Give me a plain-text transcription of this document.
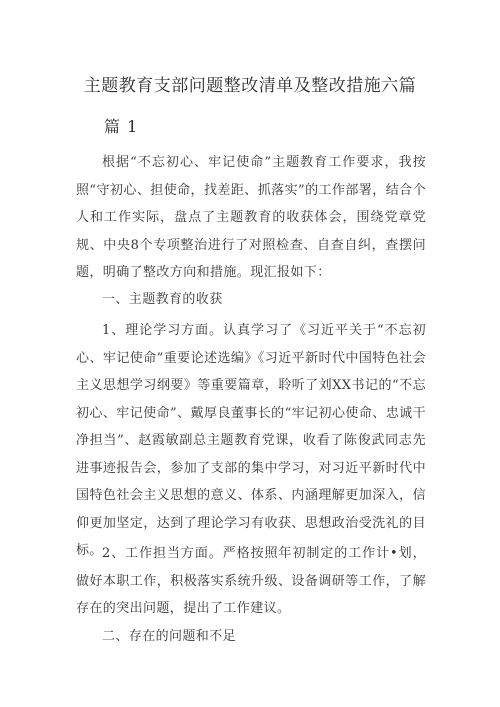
主题教育支部问题整改清单及整改措施六篇
篇 1

根据“不忘初心、牢记使命”主题教育工作要求，我按照“守初心、担使命，找差距、抓落实”的工作部署，结合个人和工作实际，盘点了主题教育的收获体会，围绕党章党规、中央8个专项整治进行了对照检查、自查自纠，查摆问题，明确了整改方向和措施。现汇报如下：

一、主题教育的收获

1、理论学习方面。认真学习了《习近平关于“不忘初心、牢记使命”重要论述选编》《习近平新时代中国特色社会主义思想学习纲要》等重要篇章，聆听了刘XX书记的“不忘初心、牢记使命”、戴厚良董事长的“牢记初心使命、忠诚干净担当”、赵霞敏副总主题教育党课，收看了陈俊武同志先进事迹报告会，参加了支部的集中学习，对习近平新时代中国特色社会主义思想的意义、体系、内涵理解更加深入，信仰更加坚定，达到了理论学习有收获、思想政治受洗礼的目标。 2、工作担当方面。严格按照年初制定的工作计•划，做好本职工作，积极落实系统升级、设备调研等工作，了解存在的突出问题，提出了工作建议。

二、存在的问题和不足
